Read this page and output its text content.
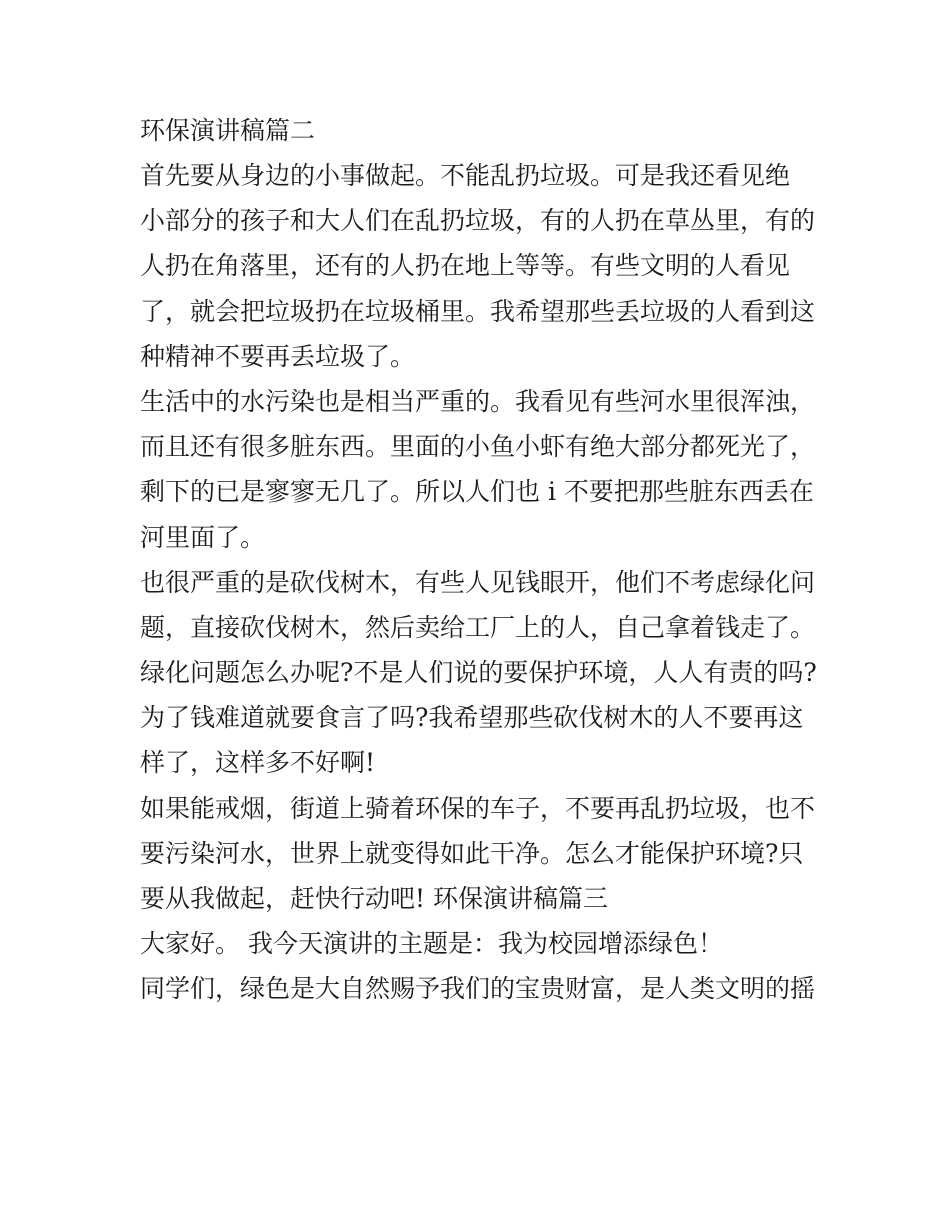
环保演讲稿篇二
首先要从身边的小事做起。不能乱扔垃圾。可是我还看见绝
小部分的孩子和大人们在乱扔垃圾，有的人扔在草丛里，有的
人扔在角落里，还有的人扔在地上等等。有些文明的人看见
了，就会把垃圾扔在垃圾桶里。我希望那些丢垃圾的人看到这
种精神不要再丢垃圾了。
生活中的水污染也是相当严重的。我看见有些河水里很浑浊，
而且还有很多脏东西。里面的小鱼小虾有绝大部分都死光了，
剩下的已是寥寥无几了。所以人们也 i 不要把那些脏东西丢在
河里面了。
也很严重的是砍伐树木，有些人见钱眼开，他们不考虑绿化问
题，直接砍伐树木，然后卖给工厂上的人，自己拿着钱走了。
绿化问题怎么办呢?不是人们说的要保护环境，人人有责的吗?
为了钱难道就要食言了吗?我希望那些砍伐树木的人不要再这
样了，这样多不好啊!
如果能戒烟，街道上骑着环保的车子，不要再乱扔垃圾，也不
要污染河水，世界上就变得如此干净。怎么才能保护环境?只
要从我做起，赶快行动吧! 环保演讲稿篇三
大家好。 我今天演讲的主题是：我为校园增添绿色！
同学们，绿色是大自然赐予我们的宝贵财富，是人类文明的摇
